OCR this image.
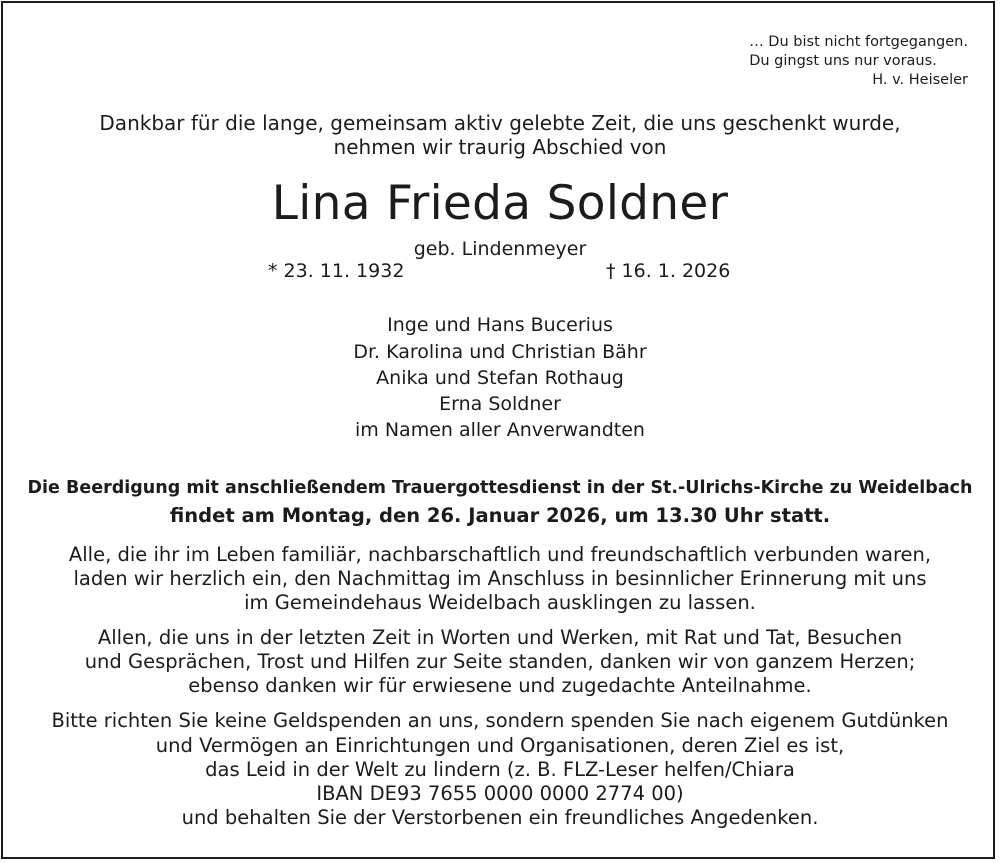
… Du bist nicht fortgegangen.
Du gingst uns nur voraus.
H. v. Heiseler
Dankbar für die lange, gemeinsam aktiv gelebte Zeit, die uns geschenkt wurde,
nehmen wir traurig Abschied von
Lina Frieda Soldner
geb. Lindenmeyer
* 23. 11. 1932	† 16. 1. 2026
Inge und Hans Bucerius
Dr. Karolina und Christian Bähr
Anika und Stefan Rothaug
Erna Soldner
im Namen aller Anverwandten
Die Beerdigung mit anschließendem Trauergottesdienst in der St.-Ulrichs-Kirche zu Weidelbach
findet am Montag, den 26. Januar 2026, um 13.30 Uhr statt.
Alle, die ihr im Leben familiär, nachbarschaftlich und freundschaftlich verbunden waren,
laden wir herzlich ein, den Nachmittag im Anschluss in besinnlicher Erinnerung mit uns
im Gemeindehaus Weidelbach ausklingen zu lassen.
Allen, die uns in der letzten Zeit in Worten und Werken, mit Rat und Tat, Besuchen
und Gesprächen, Trost und Hilfen zur Seite standen, danken wir von ganzem Herzen;
ebenso danken wir für erwiesene und zugedachte Anteilnahme.
Bitte richten Sie keine Geldspenden an uns, sondern spenden Sie nach eigenem Gutdünken
und Vermögen an Einrichtungen und Organisationen, deren Ziel es ist,
das Leid in der Welt zu lindern (z. B. FLZ-Leser helfen/Chiara
IBAN DE93 7655 0000 0000 2774 00)
und behalten Sie der Verstorbenen ein freundliches Angedenken.
